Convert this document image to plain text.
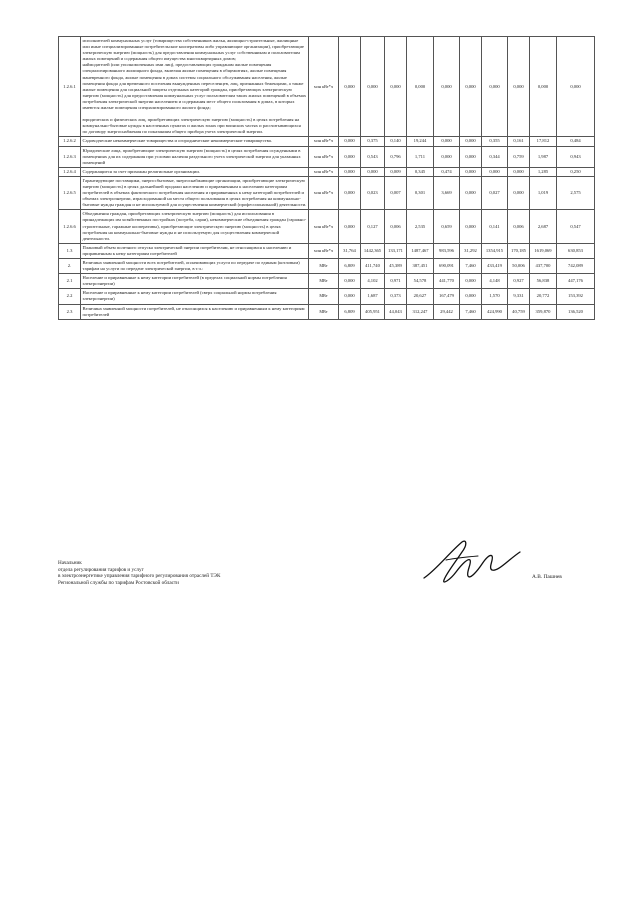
1.2.6.1	исполнителей коммунальных услуг (товарищества собственников жилья, жилищно-строительные, жилищные или иные специализированные потребительские кооперативы либо управляющие организации), приобретающие электрическую энергию (мощность) для предоставления коммунальных услуг собственникам и пользователям жилых помещений и содержания общего имущества многоквартирных домов;
наймодателей (или уполномоченных ими лиц), предоставляющих гражданам жилые помещения специализированного жилищного фонда, включая жилые помещения в общежитиях, жилые помещения маневренного фонда, жилые помещения в домах системы социального обслуживания населения, жилые помещения фонда для временного поселения вынужденных переселенцев, лиц, признанных беженцами, а также жилые помещения для социальной защиты отдельных категорий граждан, приобретающих электрическую энергию (мощность) для предоставления коммунальных услуг пользователям таких жилых помещений в объемах потребления электрической энергии населением и содержания мест общего пользования в домах, в которых имеются жилые помещения специализированного жилого фонда;
юридических и физических лиц, приобретающих электрическую энергию (мощность) в целях потребления на коммунально-бытовые нужды в населенных пунктах и жилых зонах при воинских частях и рассчитывающихся по договору энергоснабжения по показаниям общего прибора учета электрической энергии.	млн кВт*ч	0,000	0,000	0,000	0,000	0,000	0,000	0,000	0,000	0,000	0,000
1.2.6.2	Садоводческие некоммерческие товарищества и огороднические некоммерческие товарищества.	млн кВт*ч	0,000	0,375	0,140	19,244	0,000	0,000	0,355	0,161	17,812	0,484
1.2.6.3	Юридические лица, приобретающие электрическую энергию (мощность) в целях потребления осужденными в помещениях для их содержания при условии наличия раздельного учета электрической энергии для указанных помещений	млн кВт*ч	0,000	0,543	0,796	1,711	0,000	0,000	0,344	0,759	1,987	0,943
1.2.6.4	Содержащиеся за счет прихожан религиозные организации.	млн кВт*ч	0,000	0,000	0,009	0,345	0,474	0,000	0,000	0,000	1,285	0,250
1.2.6.5	Гарантирующие поставщики, энергосбытовые, энергоснабжающие организации, приобретающие электрическую энергию (мощность) в целях дальнейшей продажи населению и приравненным к населению категориям потребителей в объемах фактического потребления населения и приравненных к нему категорий потребителей и объемах электроэнергии, израсходованной на места общего пользования в целях потребления на коммунально-бытовые нужды граждан и не используемой для осуществления коммерческой (профессиональной) деятельности.	млн кВт*ч	0,000	0,023	0,007	0,301	3,669	0,000	0,027	0,000	1,019	2,575
1.2.6.6	Объединения граждан, приобретающих электрическую энергию (мощность) для использования в принадлежащих им хозяйственных постройках (погреба, сараи), некоммерческие объединения граждан (гаражно-строительные, гаражные кооперативы), приобретающие электрическую энергию (мощность) в целях потребления на коммунально-бытовые нужды и не используемую для осуществления коммерческой деятельности.	млн кВт*ч	0,000	0,127	0,006	2,535	0,659	0,000	0,141	0,006	2,687	0,547
1.3	Плановый объем полезного отпуска электрической энергии потребителям, не относящимся к населению и приравненным к нему категориям потребителей	млн кВт*ч	31,764	1442,365	133,171	1487,467	983,596	31,292	1354,915	170,185	1619,069	630,853
2.	Величина заявленной мощности всех потребителей, оплачивающих услуги по передаче по единым (котловым) тарифам на услуги по передаче электрической энергии, в т.ч.:	МВт	6,809	411,740	45,389	387,451	690,091	7,460	433,419	50,006	437,700	742,089
2.1	Население и приравненные к нему категории потребителей (в пределах социальной нормы потребления электроэнергии)	МВт	0,000	4,102	0,971	54,578	441,770	0,000	4,148	0,927	56,838	447,176
2.2	Население и приравненные к нему категории потребителей (сверх социальной нормы потребления электроэнергии)	МВт	0,000	1,687	0,373	20,627	167,479	0,000	1,570	9,331	20,772	153,392
2.3	Величина заявленной мощности потребителей, не относящихся к населению и приравненным к нему категориям потребителей	МВт	6,809	405,951	44,043	312,247	29,442	7,460	424,990	40,759	359,870	136,520
Начальник
отдела регулирования тарифов и услуг
в электроэнергетике управления тарифного регулирования отраслей ТЭК
Региональной службы по тарифам Ростовской области
А.В. Пашнев
